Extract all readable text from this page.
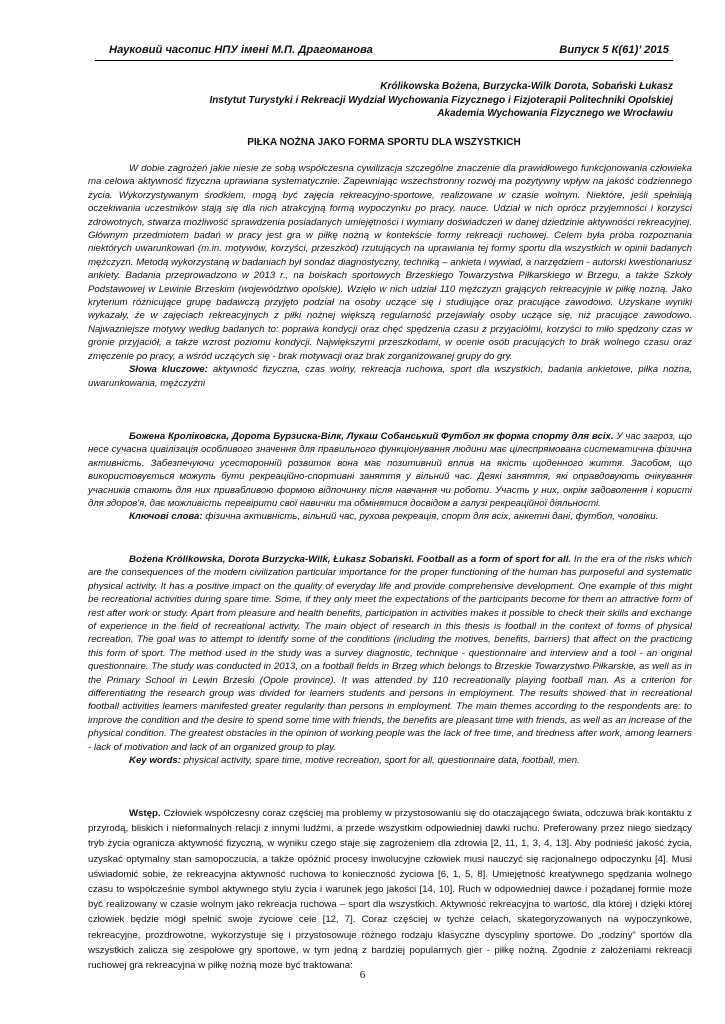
Науковий часопис НПУ імені М.П. Драгоманова	Випуск 5 К(61)’ 2015
Królikowska Bożena, Burzycka-Wilk Dorota, Sobański Łukasz
Instytut Turystyki i Rekreacji Wydział Wychowania Fizycznego i Fizjoterapii Politechniki Opolskiej
Akademia Wychowania Fizycznego we Wrocławiu
PIŁKA NOŻNA JAKO FORMA SPORTU DLA WSZYSTKICH

W dobie zagrożeń jakie niesie ze sobą współczesna cywilizacja szczególne znaczenie dla prawidłowego funkcjonowania człowieka ma celowa aktywność fizyczna uprawiana systematycznie. Zapewniając wszechstronny rozwój ma pozytywny wpływ na jakość codziennego życia. Wykorzystywanym środkiem, mogą być zajęcia rekreacyjno-sportowe, realizowane w czasie wolnym. Niektóre, jeśli spełniają oczekiwania uczestników stają się dla nich atrakcyjną formą wypoczynku po pracy, nauce. Udział w nich oprócz przyjemności i korzyści zdrowotnych, stwarza możliwość sprawdzenia posiadanych umiejętności i wymiany doświadczeń w danej dziedzinie aktywności rekreacyjnej. Głównym przedmiotem badań w pracy jest gra w piłkę nożną w kontekście formy rekreacji ruchowej. Celem była próba rozpoznania niektórych uwarunkowań (m.in. motywów, korzyści, przeszkód) rzutujących na uprawiania tej formy sportu dla wszystkich w opinii badanych mężczyzn. Metodą wykorzystaną w badaniach był sondaż diagnostyczny, techniką – ankieta i wywiad, a narzędziem - autorski kwestionariusz ankiety. Badania przeprowadzono w 2013 r., na boiskach sportowych Brzeskiego Towarzystwa Piłkarskiego w Brzegu, a także Szkoły Podstawowej w Lewinie Brzeskim (województwo opolskie). Wzięło w nich udział 110 mężczyzn grających rekreacyjnie w piłkę nożną. Jako kryterium różnicujące grupę badawczą przyjęto podział na osoby uczące się i studiujące oraz pracujące zawodowo. Uzyskane wyniki wykazały, że w zajęciach rekreacyjnych z piłki nożnej większą regularność przejawiały osoby uczące się, niż pracujące zawodowo. Najważniejsze motywy według badanych to: poprawa kondycji oraz chęć spędzenia czasu z przyjaciółmi, korzyści to miło spędzony czas w gronie przyjaciół, a także wzrost poziomu kondycji. Największymi przeszkodami, w ocenie osób pracujących to brak wolnego czasu oraz zmęczenie po pracy, a wśród uczących się - brak motywacji oraz brak zorganizowanej grupy do gry.

Słowa kluczowe: aktywność fizyczna, czas wolny, rekreacja ruchowa, sport dla wszystkich, badania ankietowe, piłka nożna, uwarunkowania, mężczyźni

Божена Кроліковска, Дорота Бурзиска-Вілк, Лукаш Собанський Футбол як форма спорту для всіх. У час загроз, що несе сучасна цивілізація особливого значення для правильного функціонування людини має цілеспрямована систематична фізична активність. Забезпечуючи усесторонній розвиток вона має позитивний вплив на якість щоденного життя. Засобом, що використовується можуть бути рекреаційно-спортивні заняття у вільний час. Деякі заняття, які оправдовують очікування учасників стають для них привабливою формою відпочинку після навчання чи роботи. Участь у них, окрім задоволення і користі для здоров'я, дає можливість перевірити свої навички та обмінятися досвідом в галузі рекреаційної діяльності.

Ключові слова: фізична активність, вільний час, рухова рекреація, спорт для всіх, анкетні дані, футбол, чоловіки.

Bożena Królikowska, Dorota Burzycka-Wilk, Łukasz Sobański. Football as a form of sport for all. In the era of the risks which are the consequences of the modern civilization particular importance for the proper functioning of the human has purposeful and systematic physical activity. It has a positive impact on the quality of everyday life and provide comprehensive development. One example of this might be recreational activities during spare time. Some, if they only meet the expectations of the participants become for them an attractive form of rest after work or study. Apart from pleasure and health benefits, participation in activities makes it possible to check their skills and exchange of experience in the field of recreational activity. The main object of research in this thesis is football in the context of forms of physical recreation. The goal was to attempt to identify some of the conditions (including the motives, benefits, barriers) that affect on the practicing this form of sport. The method used in the study was a survey diagnostic, technique - questionnaire and interview and a tool - an original questionnaire. The study was conducted in 2013, on a football fields in Brzeg which belongs to Brzeskie Towarzystwo Piłkarskie, as well as in the Primary School in Lewin Brzeski (Opole province). It was attended by 110 recreationally playing football man. As a criterion for differentiating the research group was divided for learners students and persons in employment. The results showed that in recreational football activities learners manifested greater regularity than persons in employment. The main themes according to the respondents are: to improve the condition and the desire to spend some time with friends, the benefits are pleasant time with friends, as well as an increase of the physical condition. The greatest obstacles in the opinion of working people was the lack of free time, and tiredness after work, among learners - lack of motivation and lack of an organized group to play.

Key words: physical activity, spare time, motive recreation, sport for all, questionnaire data, football, men.

Wstęp. Człowiek współczesny coraz częściej ma problemy w przystosowaniu się do otaczającego świata, odczuwa brak kontaktu z przyrodą, bliskich i nieformalnych relacji z innymi ludźmi, a przede wszystkim odpowiedniej dawki ruchu. Preferowany przez niego siedzący tryb życia ogranicza aktywność fizyczną, w wyniku czego staje się zagrożeniem dla zdrowia [2, 11, 1, 3, 4, 13]. Aby podnieść jakość życia, uzyskać optymalny stan samopoczucia, a także opóźnić procesy inwolucyjne człowiek musi nauczyć się racjonalnego odpoczynku [4]. Musi uświadomić sobie, że rekreacyjna aktywność ruchowa to konieczność życiowa [6, 1, 5, 8]. Umiejętność kreatywnego spędzania wolnego czasu to współcześnie symbol aktywnego stylu życia i warunek jego jakości [14, 10]. Ruch w odpowiedniej dawce i pożądanej formie może być realizowany w czasie wolnym jako rekreacja ruchowa – sport dla wszystkich. Aktywność rekreacyjna to wartość, dla której i dzięki której człowiek będzie mógł spełnić swoje życiowe cele [12, 7]. Coraz częściej w tychże celach, skategoryzowanych na wypoczynkowe, rekreacyjne, prozdrowotne, wykorzystuje się i przystosowuje różnego rodzaju klasyczne dyscypliny sportowe. Do „rodziny” sportów dla wszystkich zalicza się zespołowe gry sportowe, w tym jedną z bardziej popularnych gier - piłkę nożną. Zgodnie z założeniami rekreacji ruchowej gra rekreacyjna w piłkę nożną może być traktowana:

6
